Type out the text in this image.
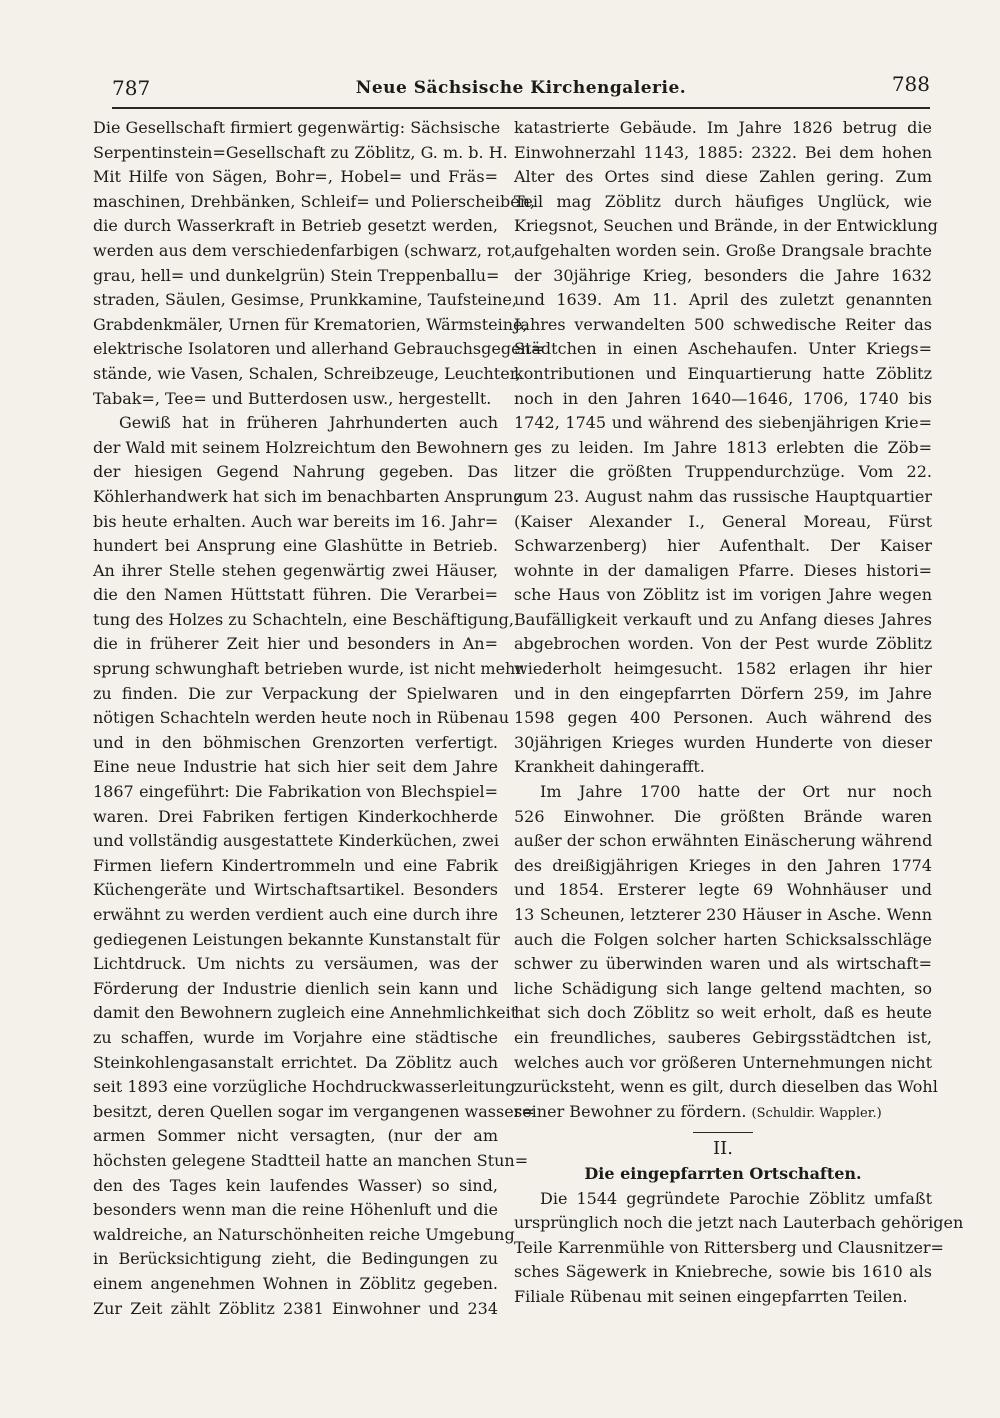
787	Neue Sächsische Kirchengalerie.	788
Die Gesellschaft firmiert gegenwärtig: Sächsische
Serpentinstein=Gesellschaft zu Zöblitz, G. m. b. H.
Mit Hilfe von Sägen, Bohr=, Hobel= und Fräs=
maschinen, Drehbänken, Schleif= und Polierscheiben,
die durch Wasserkraft in Betrieb gesetzt werden,
werden aus dem verschiedenfarbigen (schwarz, rot,
grau, hell= und dunkelgrün) Stein Treppenballu=
straden, Säulen, Gesimse, Prunkkamine, Taufsteine,
Grabdenkmäler, Urnen für Krematorien, Wärmsteine,
elektrische Isolatoren und allerhand Gebrauchsgegen=
stände, wie Vasen, Schalen, Schreibzeuge, Leuchter,
Tabak=, Tee= und Butterdosen usw., hergestellt.
Gewiß hat in früheren Jahrhunderten auch
der Wald mit seinem Holzreichtum den Bewohnern
der hiesigen Gegend Nahrung gegeben. Das
Köhlerhandwerk hat sich im benachbarten Ansprung
bis heute erhalten. Auch war bereits im 16. Jahr=
hundert bei Ansprung eine Glashütte in Betrieb.
An ihrer Stelle stehen gegenwärtig zwei Häuser,
die den Namen Hüttstatt führen. Die Verarbei=
tung des Holzes zu Schachteln, eine Beschäftigung,
die in früherer Zeit hier und besonders in An=
sprung schwunghaft betrieben wurde, ist nicht mehr
zu finden. Die zur Verpackung der Spielwaren
nötigen Schachteln werden heute noch in Rübenau
und in den böhmischen Grenzorten verfertigt.
Eine neue Industrie hat sich hier seit dem Jahre
1867 eingeführt: Die Fabrikation von Blechspiel=
waren. Drei Fabriken fertigen Kinderkochherde
und vollständig ausgestattete Kinderküchen, zwei
Firmen liefern Kindertrommeln und eine Fabrik
Küchengeräte und Wirtschaftsartikel. Besonders
erwähnt zu werden verdient auch eine durch ihre
gediegenen Leistungen bekannte Kunstanstalt für
Lichtdruck. Um nichts zu versäumen, was der
Förderung der Industrie dienlich sein kann und
damit den Bewohnern zugleich eine Annehmlichkeit
zu schaffen, wurde im Vorjahre eine städtische
Steinkohlengasanstalt errichtet. Da Zöblitz auch
seit 1893 eine vorzügliche Hochdruckwasserleitung
besitzt, deren Quellen sogar im vergangenen wasser=
armen Sommer nicht versagten, (nur der am
höchsten gelegene Stadtteil hatte an manchen Stun=
den des Tages kein laufendes Wasser) so sind,
besonders wenn man die reine Höhenluft und die
waldreiche, an Naturschönheiten reiche Umgebung
in Berücksichtigung zieht, die Bedingungen zu
einem angenehmen Wohnen in Zöblitz gegeben.
Zur Zeit zählt Zöblitz 2381 Einwohner und 234
katastrierte Gebäude. Im Jahre 1826 betrug die
Einwohnerzahl 1143, 1885: 2322. Bei dem hohen
Alter des Ortes sind diese Zahlen gering. Zum
Teil mag Zöblitz durch häufiges Unglück, wie
Kriegsnot, Seuchen und Brände, in der Entwicklung
aufgehalten worden sein. Große Drangsale brachte
der 30jährige Krieg, besonders die Jahre 1632
und 1639. Am 11. April des zuletzt genannten
Jahres verwandelten 500 schwedische Reiter das
Städtchen in einen Aschehaufen. Unter Kriegs=
kontributionen und Einquartierung hatte Zöblitz
noch in den Jahren 1640—1646, 1706, 1740 bis
1742, 1745 und während des siebenjährigen Krie=
ges zu leiden. Im Jahre 1813 erlebten die Zöb=
litzer die größten Truppendurchzüge. Vom 22.
zum 23. August nahm das russische Hauptquartier
(Kaiser Alexander I., General Moreau, Fürst
Schwarzenberg) hier Aufenthalt. Der Kaiser
wohnte in der damaligen Pfarre. Dieses histori=
sche Haus von Zöblitz ist im vorigen Jahre wegen
Baufälligkeit verkauft und zu Anfang dieses Jahres
abgebrochen worden. Von der Pest wurde Zöblitz
wiederholt heimgesucht. 1582 erlagen ihr hier
und in den eingepfarrten Dörfern 259, im Jahre
1598 gegen 400 Personen. Auch während des
30jährigen Krieges wurden Hunderte von dieser
Krankheit dahingerafft.
Im Jahre 1700 hatte der Ort nur noch
526 Einwohner. Die größten Brände waren
außer der schon erwähnten Einäscherung während
des dreißigjährigen Krieges in den Jahren 1774
und 1854. Ersterer legte 69 Wohnhäuser und
13 Scheunen, letzterer 230 Häuser in Asche. Wenn
auch die Folgen solcher harten Schicksalsschläge
schwer zu überwinden waren und als wirtschaft=
liche Schädigung sich lange geltend machten, so
hat sich doch Zöblitz so weit erholt, daß es heute
ein freundliches, sauberes Gebirgsstädtchen ist,
welches auch vor größeren Unternehmungen nicht
zurücksteht, wenn es gilt, durch dieselben das Wohl
seiner Bewohner zu fördern. (Schuldir. Wappler.)
II.
Die eingepfarrten Ortschaften.
Die 1544 gegründete Parochie Zöblitz umfaßt
ursprünglich noch die jetzt nach Lauterbach gehörigen
Teile Karrenmühle von Rittersberg und Clausnitzer=
sches Sägewerk in Kniebreche, sowie bis 1610 als
Filiale Rübenau mit seinen eingepfarrten Teilen.
